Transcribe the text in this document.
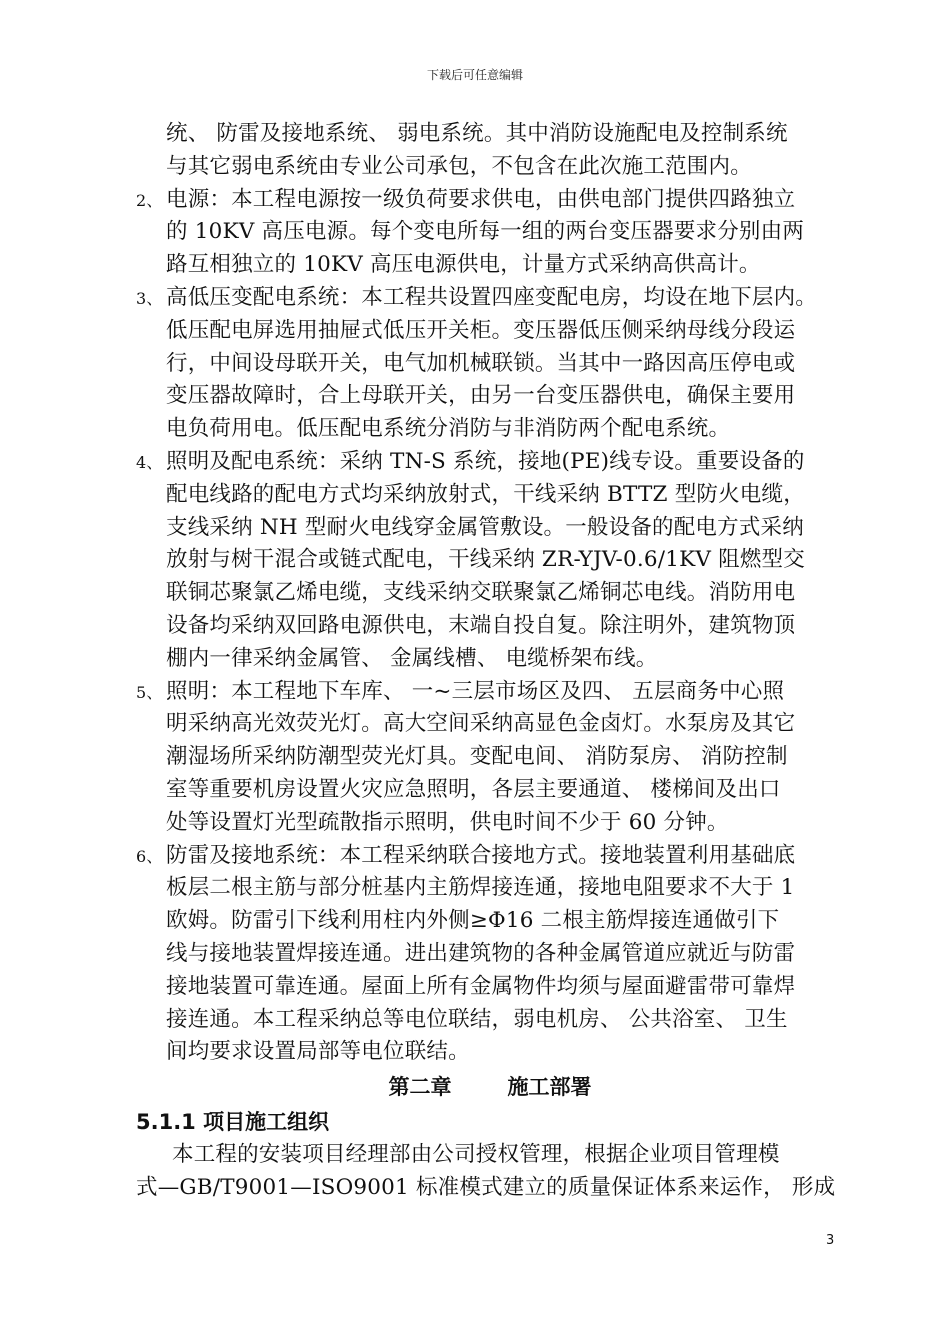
下载后可任意编辑
统、 防雷及接地系统、 弱电系统。其中消防设施配电及控制系统
与其它弱电系统由专业公司承包，不包含在此次施工范围内。
2、 电源：本工程电源按一级负荷要求供电，由供电部门提供四路独立
的 10KV 高压电源。每个变电所每一组的两台变压器要求分别由两
路互相独立的 10KV 高压电源供电，计量方式采纳高供高计。
3、 高低压变配电系统：本工程共设置四座变配电房，均设在地下层内。
低压配电屏选用抽屉式低压开关柜。变压器低压侧采纳母线分段运
行，中间设母联开关，电气加机械联锁。当其中一路因高压停电或
变压器故障时，合上母联开关，由另一台变压器供电，确保主要用
电负荷用电。低压配电系统分消防与非消防两个配电系统。
4、 照明及配电系统：采纳 TN-S 系统，接地(PE)线专设。重要设备的
配电线路的配电方式均采纳放射式，干线采纳 BTTZ 型防火电缆，
支线采纳 NH 型耐火电线穿金属管敷设。一般设备的配电方式采纳
放射与树干混合或链式配电，干线采纳 ZR-YJV-0.6/1KV 阻燃型交
联铜芯聚氯乙烯电缆，支线采纳交联聚氯乙烯铜芯电线。消防用电
设备均采纳双回路电源供电，末端自投自复。除注明外，建筑物顶
棚内一律采纳金属管、 金属线槽、 电缆桥架布线。
5、 照明：本工程地下车库、 一~三层市场区及四、 五层商务中心照
明采纳高光效荧光灯。高大空间采纳高显色金卤灯。水泵房及其它
潮湿场所采纳防潮型荧光灯具。变配电间、 消防泵房、 消防控制
室等重要机房设置火灾应急照明，各层主要通道、 楼梯间及出口
处等设置灯光型疏散指示照明，供电时间不少于 60 分钟。
6、 防雷及接地系统：本工程采纳联合接地方式。接地装置利用基础底
板层二根主筋与部分桩基内主筋焊接连通，接地电阻要求不大于 1
欧姆。防雷引下线利用柱内外侧≥Φ16 二根主筋焊接连通做引下
线与接地装置焊接连通。进出建筑物的各种金属管道应就近与防雷
接地装置可靠连通。屋面上所有金属物件均须与屋面避雷带可靠焊
接连通。本工程采纳总等电位联结，弱电机房、 公共浴室、 卫生
间均要求设置局部等电位联结。
第二章	施工部署
5.1.1 项目施工组织
本工程的安装项目经理部由公司授权管理，根据企业项目管理模
式—GB/T9001—ISO9001 标准模式建立的质量保证体系来运作， 形成
3
